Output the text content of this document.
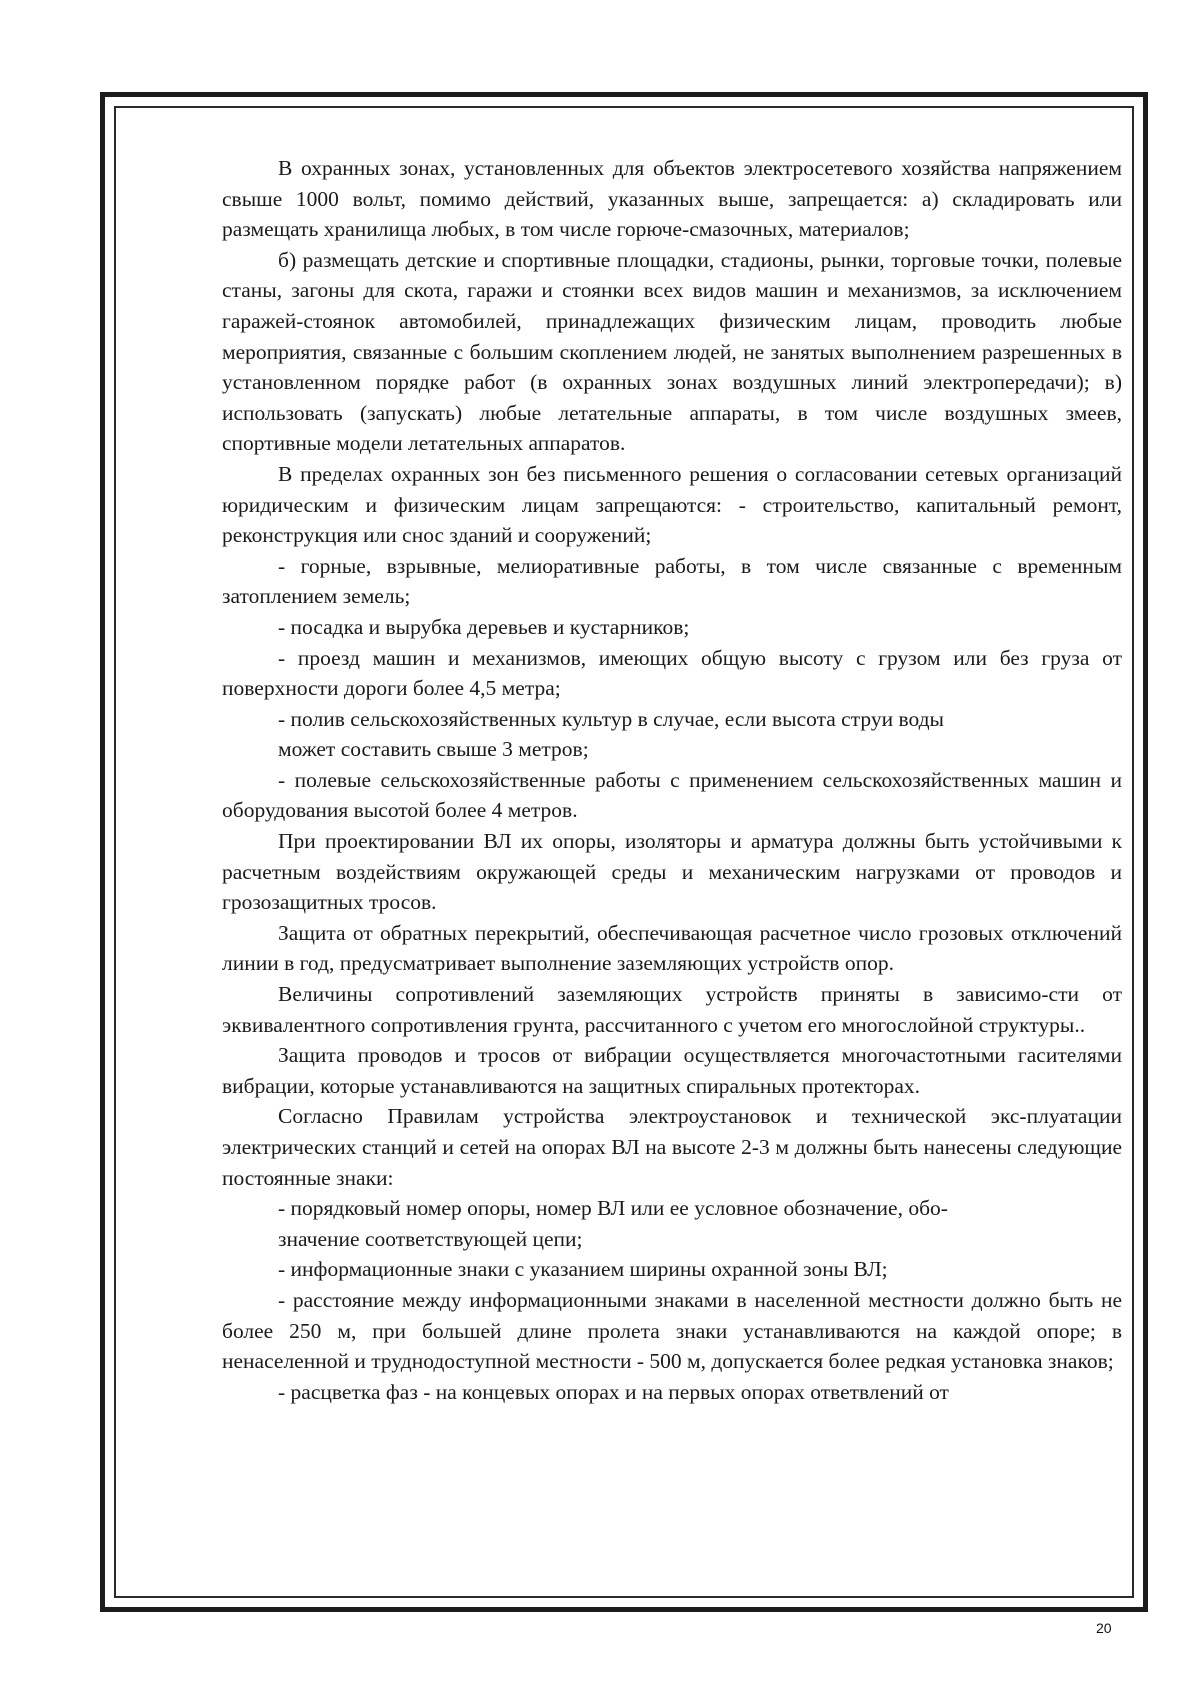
В охранных зонах, установленных для объектов электросетевого хозяйства напряжением свыше 1000 вольт, помимо действий, указанных выше, запрещается: а) складировать или размещать хранилища любых, в том числе горюче-смазочных, материалов;

б) размещать детские и спортивные площадки, стадионы, рынки, торговые точки, полевые станы, загоны для скота, гаражи и стоянки всех видов машин и механизмов, за исключением гаражей-стоянок автомобилей, принадлежащих физическим лицам, проводить любые мероприятия, связанные с большим скоплением людей, не занятых выполнением разрешенных в установленном порядке работ (в охранных зонах воздушных линий электропередачи); в) использовать (запускать) любые летательные аппараты, в том числе воздушных змеев, спортивные модели летательных аппаратов.

В пределах охранных зон без письменного решения о согласовании сетевых организаций юридическим и физическим лицам запрещаются: - строительство, капитальный ремонт, реконструкция или снос зданий и сооружений;

- горные, взрывные, мелиоративные работы, в том числе связанные с временным затоплением земель;

- посадка и вырубка деревьев и кустарников;

- проезд машин и механизмов, имеющих общую высоту с грузом или без груза от поверхности дороги более 4,5 метра;

- полив сельскохозяйственных культур в случае, если высота струи воды

может составить свыше 3 метров;

- полевые сельскохозяйственные работы с применением сельскохозяйственных машин и оборудования высотой более 4 метров.

При проектировании ВЛ их опоры, изоляторы и арматура должны быть устойчивыми к расчетным воздействиям окружающей среды и механическим нагрузками от проводов и грозозащитных тросов.

Защита от обратных перекрытий, обеспечивающая расчетное число грозовых отключений линии в год, предусматривает выполнение заземляющих устройств опор.

Величины сопротивлений заземляющих устройств приняты в зависимо-сти от эквивалентного сопротивления грунта, рассчитанного с учетом его многослойной структуры..

Защита проводов и тросов от вибрации осуществляется многочастотными гасителями вибрации, которые устанавливаются на защитных спиральных протекторах.

Согласно Правилам устройства электроустановок и технической экс-плуатации электрических станций и сетей на опорах ВЛ на высоте 2-3 м должны быть нанесены следующие постоянные знаки:

- порядковый номер опоры, номер ВЛ или ее условное обозначение, обо-

значение соответствующей цепи;

- информационные знаки с указанием ширины охранной зоны ВЛ;

- расстояние между информационными знаками в населенной местности должно быть не более 250 м, при большей длине пролета знаки устанавливаются на каждой опоре; в ненаселенной и труднодоступной местности - 500 м, допускается более редкая установка знаков;

- расцветка фаз - на концевых опорах и на первых опорах ответвлений от

20
